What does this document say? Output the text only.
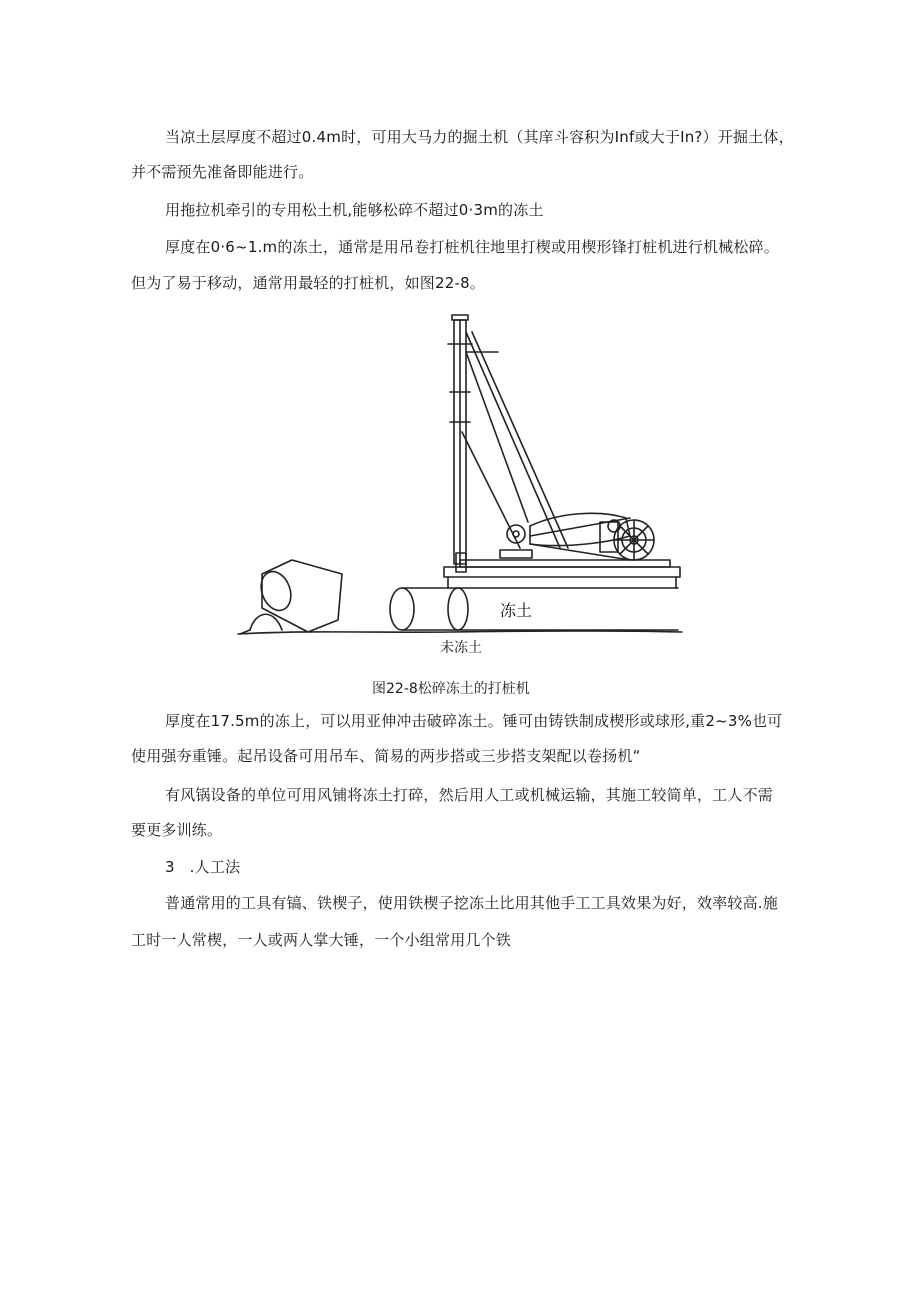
当凉土层厚度不超过0.4m时，可用大马力的掘土机（其庠斗容积为Inf或大于In?）开掘土体，
并不需预先准备即能进行。
用拖拉机牵引的专用松土机,能够松碎不超过0·3m的冻土
厚度在0·6~1.m的冻土，通常是用吊卷打桩机往地里打楔或用楔形锋打桩机进行机械松碎。
但为了易于移动，通常用最轻的打桩机，如图22-8。
冻土
未冻土
图22-8松碎冻土的打桩机
厚度在17.5m的冻上，可以用亚伸冲击破碎冻土。锤可由铸铁制成楔形或球形,重2~3%也可
使用强夯重锤。起吊设备可用吊车、简易的两步搭或三步搭支架配以卷扬机“
有风锅设备的单位可用风铺将冻土打碎，然后用人工或机械运输，其施工较简单，工人不需
要更多训练。
3   .人工法
普通常用的工具有镐、铁楔子，使用铁楔子挖冻土比用其他手工工具效果为好，效率较高.施
工时一人常楔，一人或两人掌大锤，一个小组常用几个铁
